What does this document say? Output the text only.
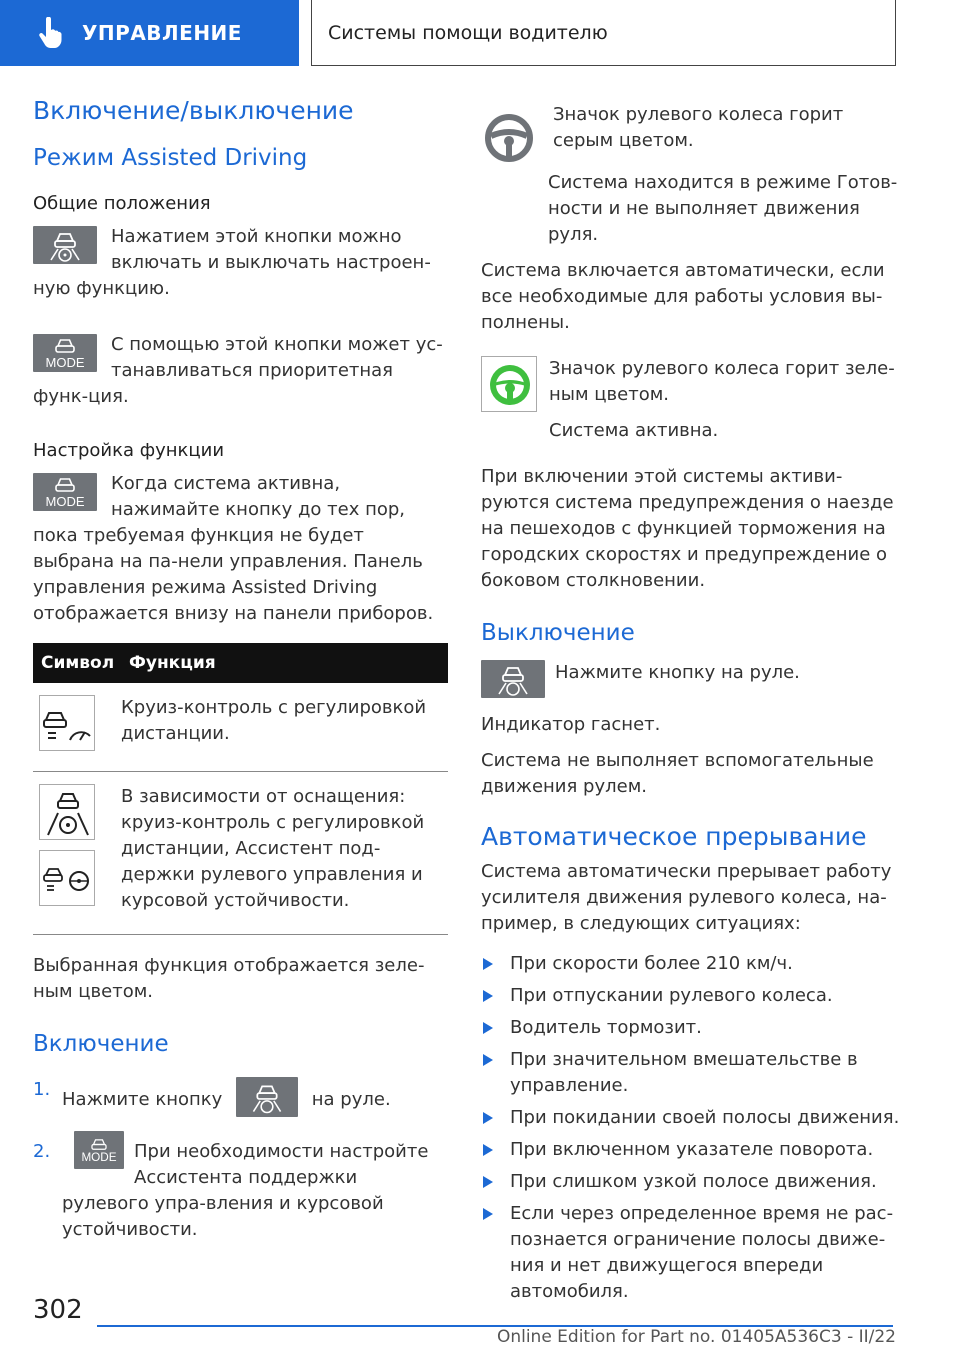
УПРАВЛЕНИЕ	Системы помощи водителю
Включение/выключение
Режим Assisted Driving
Общие положения

Нажатием этой кнопки можно включать и выключать настроен-ную функцию.

MODE

С помощью этой кнопки может ус-танавливаться приоритетная функ-ция.

Настройка функции
MODE

Когда система активна, нажимайте кнопку до тех пор, пока требуемая функция не будет выбрана на па-нели управления. Панель управления режима Assisted Driving отображается внизу на панели приборов.

Символ	Функция

	Круиз-контроль с регулировкой дистанции.

	В зависимости от оснащения: круиз-контроль с регулировкой дистанции, Ассистент под-держки рулевого управления и курсовой устойчивости.

Выбранная функция отображается зеле-ным цветом.

Включение
1. Нажмите кнопку	на руле.
2. MODE При необходимости настройте Ассистента поддержки рулевого упра-вления и курсовой устойчивости.

Значок рулевого колеса горит серым цветом.

Система находится в режиме Готов-ности и не выполняет движения руля.

Система включается автоматически, если все необходимые для работы условия вы-полнены.

Значок рулевого колеса горит зеле-ным цветом.

Система активна.

При включении этой системы активи-руются система предупреждения о наезде на пешеходов с функцией торможения на городских скоростях и предупреждение о боковом столкновении.

Выключение

Нажмите кнопку на руле.

Индикатор гаснет.

Система не выполняет вспомогательные движения рулем.

Автоматическое прерывание

Система автоматически прерывает работу усилителя движения рулевого колеса, на-пример, в следующих ситуациях:

При скорости более 210 км/ч.
При отпускании рулевого колеса.
Водитель тормозит.
При значительном вмешательстве в управление.
При покидании своей полосы движения.
При включенном указателе поворота.
При слишком узкой полосе движения.
Если через определенное время не рас-познается ограничение полосы движе-ния и нет движущегося впереди автомобиля.
302
Online Edition for Part no. 01405A536C3 - II/22
